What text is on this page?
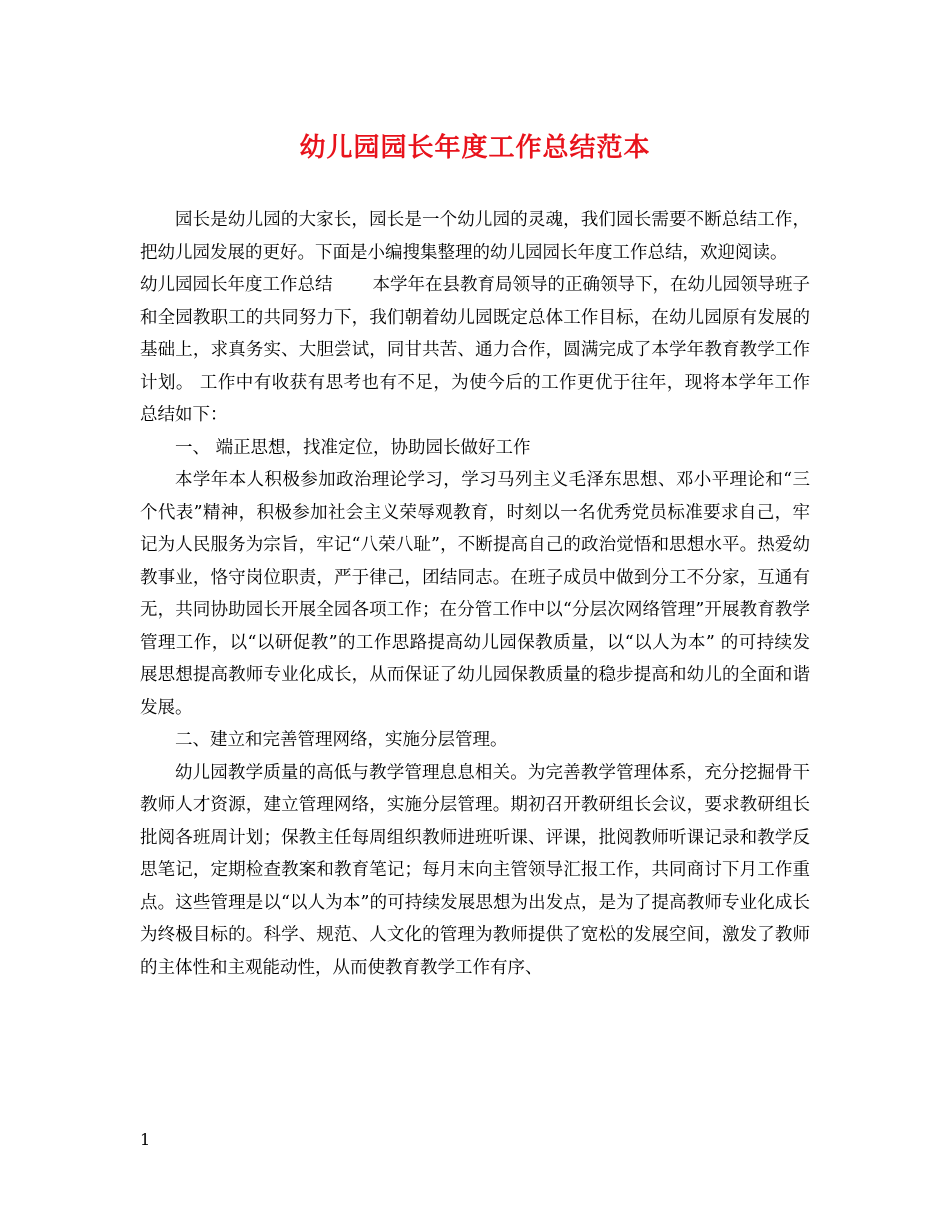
幼儿园园长年度工作总结范本

园长是幼儿园的大家长，园长是一个幼儿园的灵魂，我们园长需要不断总结工作，把幼儿园发展的更好。下面是小编搜集整理的幼儿园园长年度工作总结，欢迎阅读。

幼儿园园长年度工作总结 本学年在县教育局领导的正确领导下，在幼儿园领导班子和全园教职工的共同努力下，我们朝着幼儿园既定总体工作目标，在幼儿园原有发展的基础上，求真务实、大胆尝试，同甘共苦、通力合作，圆满完成了本学年教育教学工作计划。 工作中有收获有思考也有不足，为使今后的工作更优于往年，现将本学年工作总结如下：

一、 端正思想，找准定位，协助园长做好工作

本学年本人积极参加政治理论学习，学习马列主义毛泽东思想、邓小平理论和“三个代表”精神，积极参加社会主义荣辱观教育，时刻以一名优秀党员标准要求自己，牢记为人民服务为宗旨，牢记“八荣八耻”，不断提高自己的政治觉悟和思想水平。热爱幼教事业，恪守岗位职责，严于律己，团结同志。在班子成员中做到分工不分家，互通有无，共同协助园长开展全园各项工作；在分管工作中以“分层次网络管理”开展教育教学管理工作，以“以研促教”的工作思路提高幼儿园保教质量，以“以人为本” 的可持续发展思想提高教师专业化成长，从而保证了幼儿园保教质量的稳步提高和幼儿的全面和谐发展。

二、建立和完善管理网络，实施分层管理。

幼儿园教学质量的高低与教学管理息息相关。为完善教学管理体系，充分挖掘骨干教师人才资源，建立管理网络，实施分层管理。期初召开教研组长会议，要求教研组长批阅各班周计划；保教主任每周组织教师进班听课、评课，批阅教师听课记录和教学反思笔记，定期检查教案和教育笔记；每月末向主管领导汇报工作，共同商讨下月工作重点。这些管理是以“以人为本”的可持续发展思想为出发点，是为了提高教师专业化成长为终极目标的。科学、规范、人文化的管理为教师提供了宽松的发展空间，激发了教师的主体性和主观能动性，从而使教育教学工作有序、

1
